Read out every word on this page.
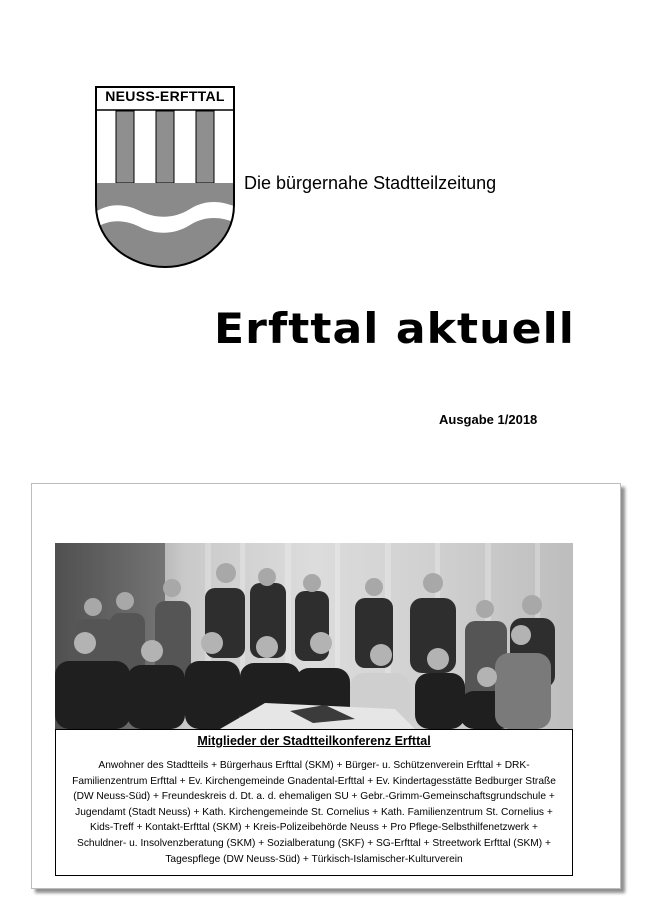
NEUSS-ERFTTAL
Die bürgernahe Stadtteilzeitung
Erfttal aktuell
Ausgabe 1/2018
Mitglieder der Stadtteilkonferenz Erfttal
Anwohner des Stadtteils + Bürgerhaus Erfttal (SKM) + Bürger- u. Schützenverein Erfttal + DRK-Familienzentrum Erfttal + Ev. Kirchengemeinde Gnadental-Erfttal + Ev. Kindertagesstätte Bedburger Straße (DW Neuss-Süd) + Freundeskreis d. Dt. a. d. ehemaligen SU + Gebr.-Grimm-Gemeinschaftsgrundschule + Jugendamt (Stadt Neuss) + Kath. Kirchengemeinde St. Cornelius + Kath. Familienzentrum St. Cornelius + Kids-Treff + Kontakt-Erfttal (SKM) + Kreis-Polizeibehörde Neuss + Pro Pflege-Selbsthilfenetzwerk + Schuldner- u. Insolvenzberatung (SKM) + Sozialberatung (SKF) + SG-Erfttal + Streetwork Erfttal (SKM) + Tagespflege (DW Neuss-Süd) + Türkisch-Islamischer-Kulturverein
